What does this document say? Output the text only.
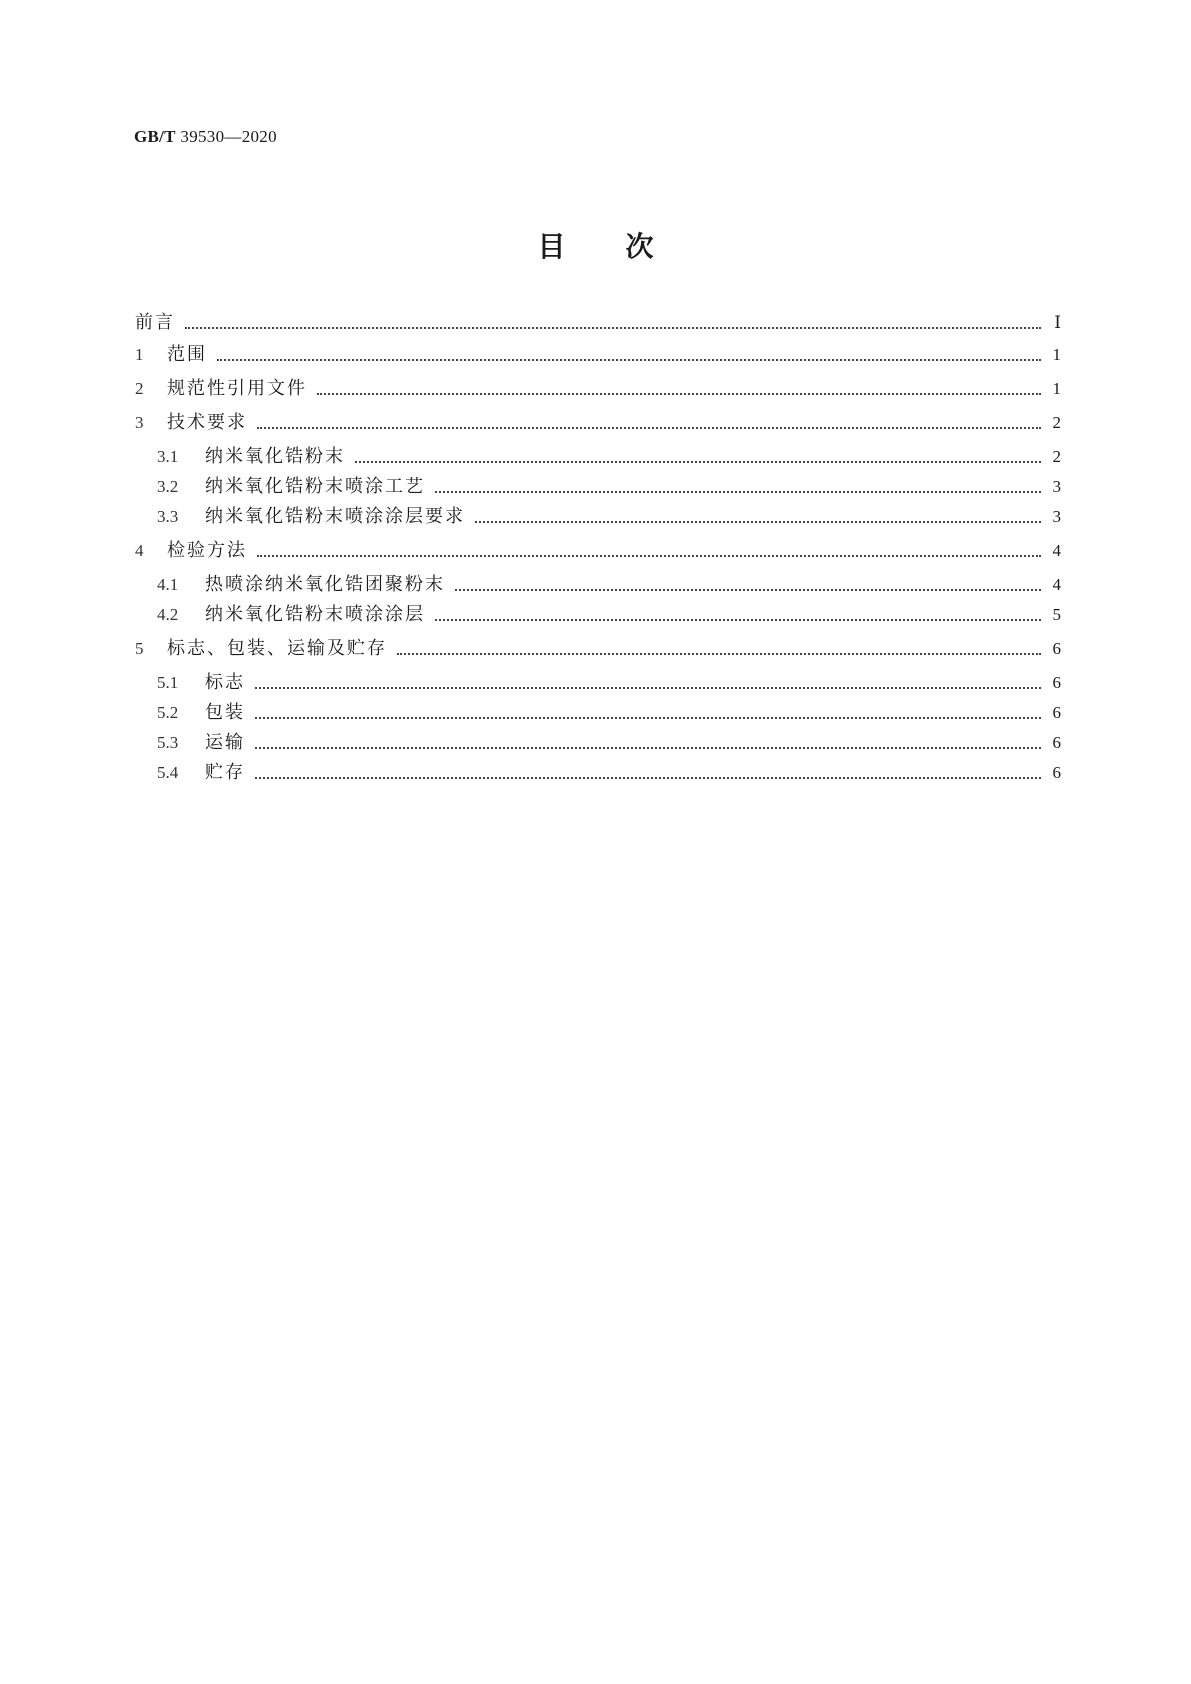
GB/T 39530—2020
目次
前言	Ⅰ
1	范围	1
2	规范性引用文件	1
3	技术要求	2
3.1	纳米氧化锆粉末	2
3.2	纳米氧化锆粉末喷涂工艺	3
3.3	纳米氧化锆粉末喷涂涂层要求	3
4	检验方法	4
4.1	热喷涂纳米氧化锆团聚粉末	4
4.2	纳米氧化锆粉末喷涂涂层	5
5	标志、包装、运输及贮存	6
5.1	标志	6
5.2	包装	6
5.3	运输	6
5.4	贮存	6
